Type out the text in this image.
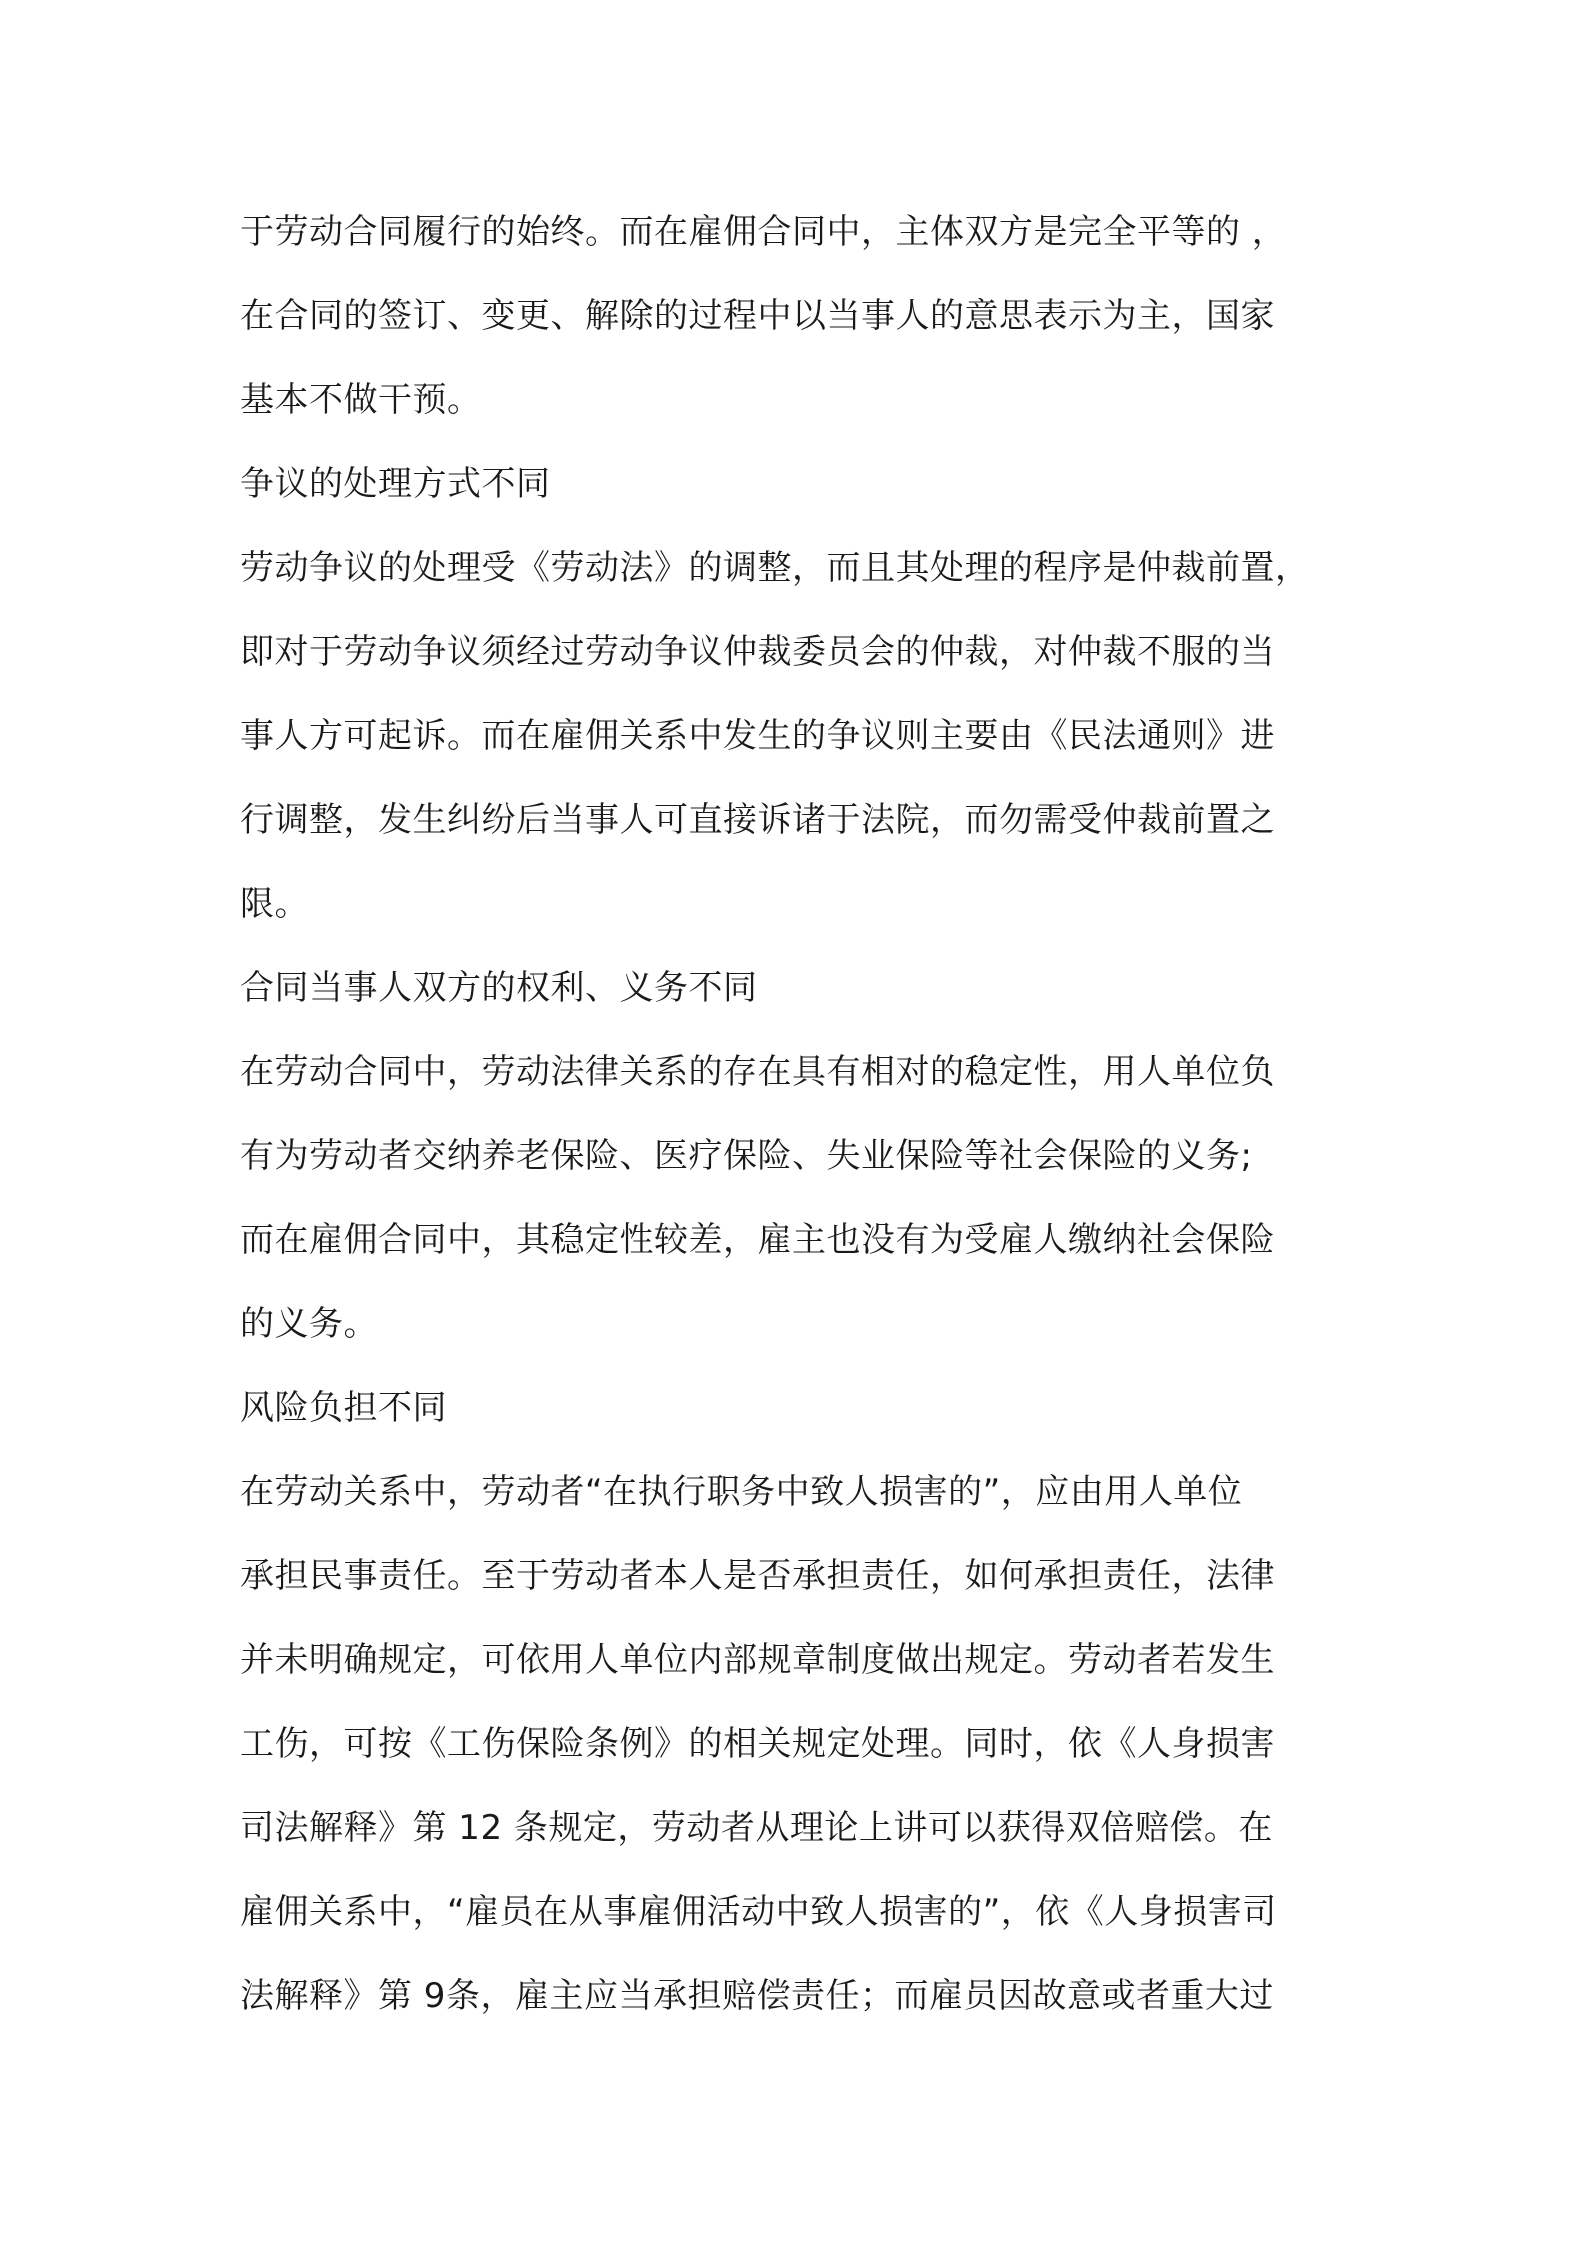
于劳动合同履行的始终。而在雇佣合同中，主体双方是完全平等的 ，
在合同的签订、变更、解除的过程中以当事人的意思表示为主，国家
基本不做干预。
争议的处理方式不同
劳动争议的处理受《劳动法》的调整，而且其处理的程序是仲裁前置，
即对于劳动争议须经过劳动争议仲裁委员会的仲裁，对仲裁不服的当
事人方可起诉。而在雇佣关系中发生的争议则主要由《民法通则》进
行调整，发生纠纷后当事人可直接诉诸于法院，而勿需受仲裁前置之
限。
合同当事人双方的权利、义务不同
在劳动合同中，劳动法律关系的存在具有相对的稳定性，用人单位负
有为劳动者交纳养老保险、医疗保险、失业保险等社会保险的义务;
而在雇佣合同中，其稳定性较差，雇主也没有为受雇人缴纳社会保险
的义务。
风险负担不同
在劳动关系中，劳动者“在执行职务中致人损害的”，应由用人单位
承担民事责任。至于劳动者本人是否承担责任，如何承担责任，法律
并未明确规定，可依用人单位内部规章制度做出规定。劳动者若发生
工伤，可按《工伤保险条例》的相关规定处理。同时，依《人身损害
司法解释》第 12 条规定，劳动者从理论上讲可以获得双倍赔偿。在
雇佣关系中，“雇员在从事雇佣活动中致人损害的”，依《人身损害司
法解释》第 9条，雇主应当承担赔偿责任；而雇员因故意或者重大过
